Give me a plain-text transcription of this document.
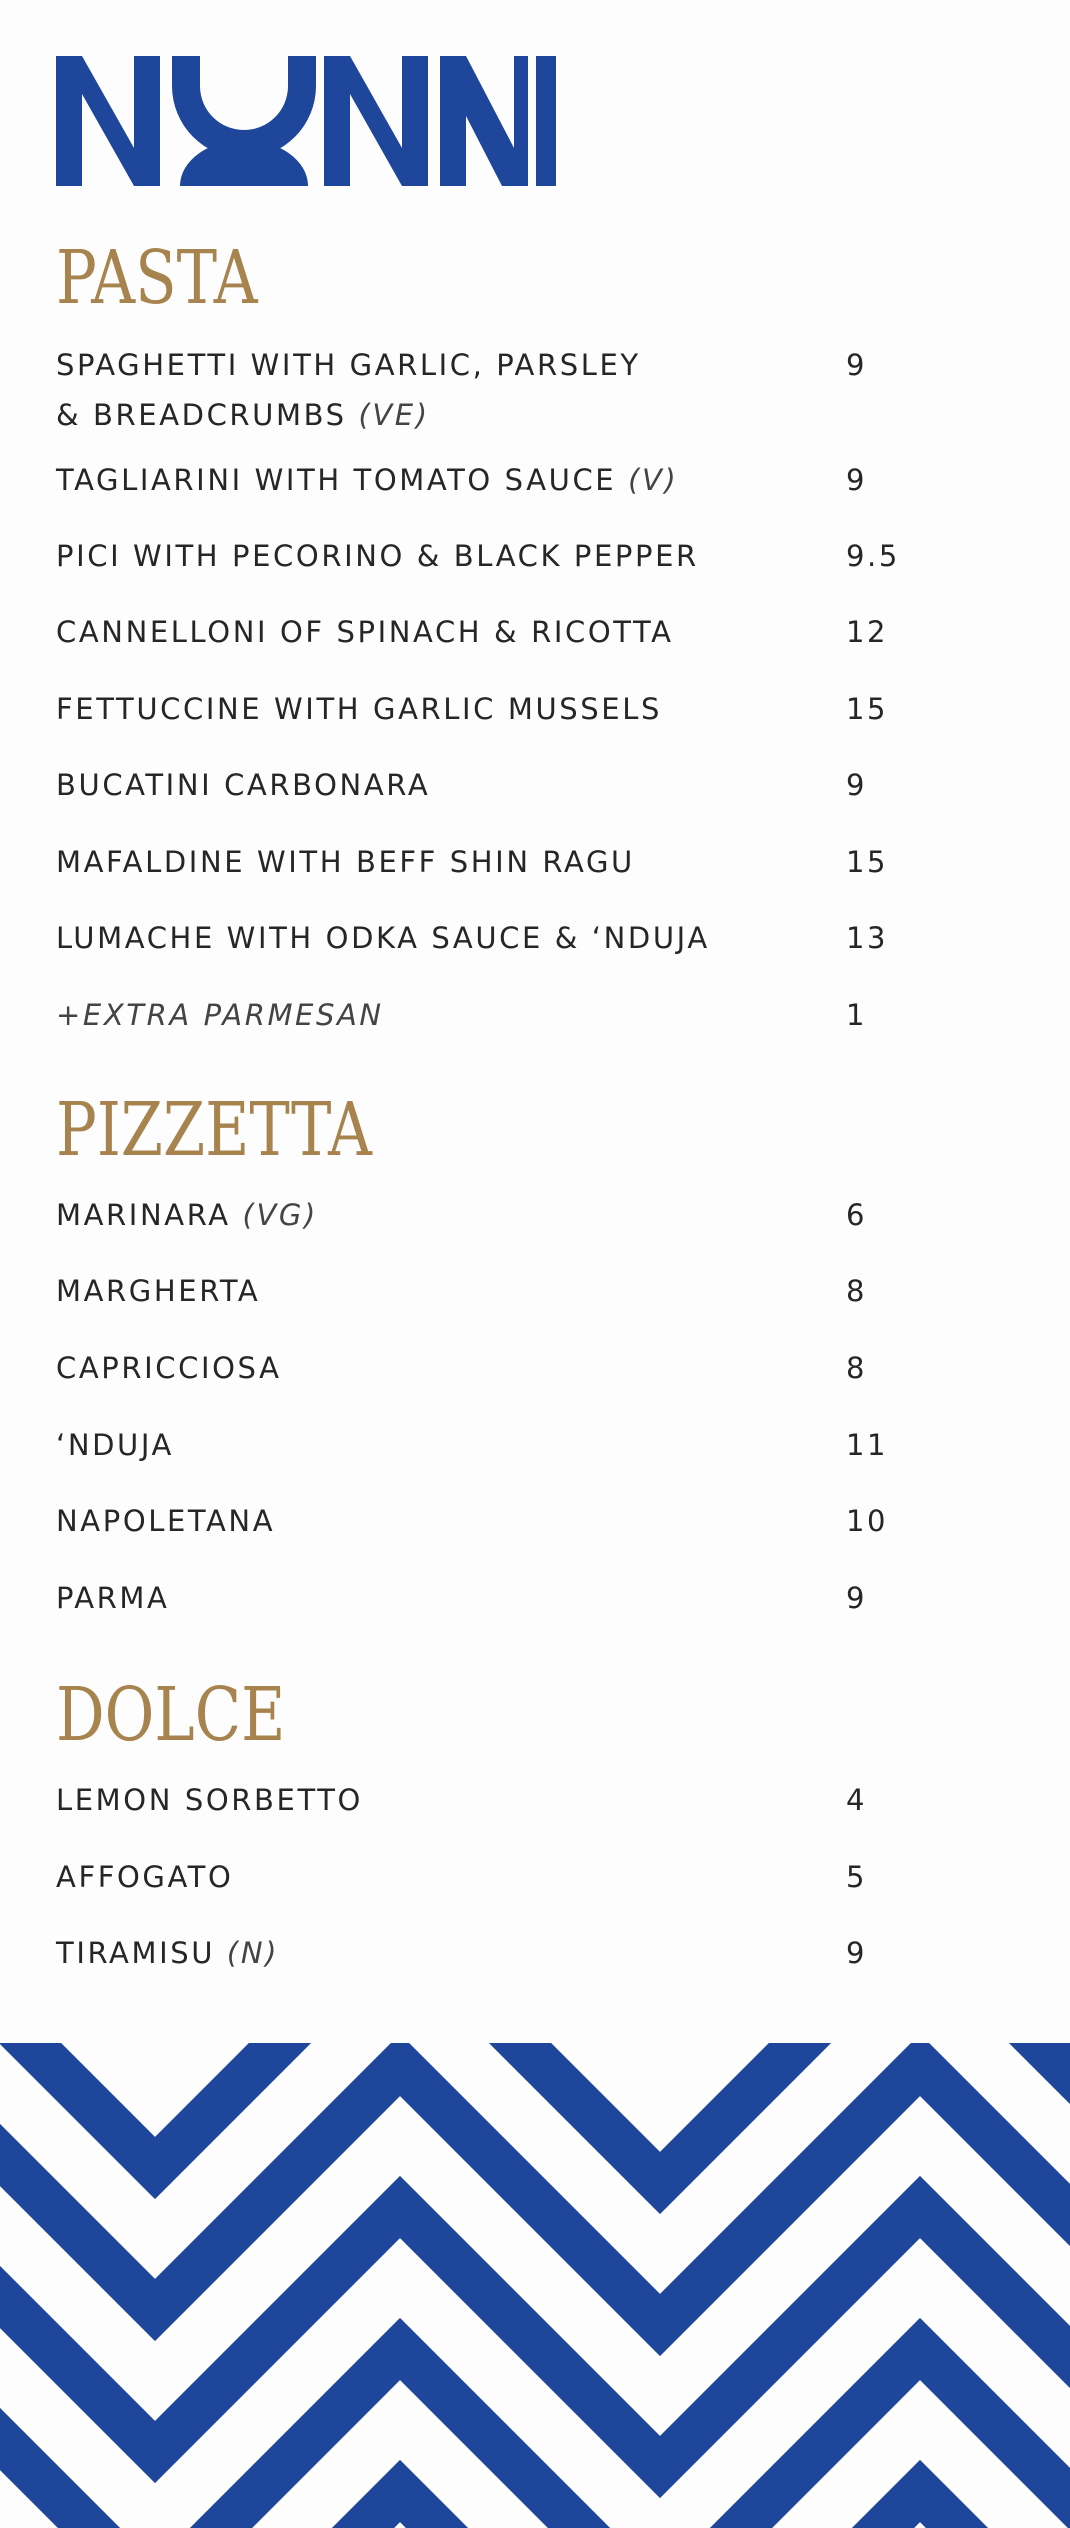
PASTA
SPAGHETTI WITH GARLIC, PARSLEY
& BREADCRUMBS (VE)
9
TAGLIARINI WITH TOMATO SAUCE (V)	9
PICI WITH PECORINO & BLACK PEPPER	9.5
CANNELLONI OF SPINACH & RICOTTA	12
FETTUCCINE WITH GARLIC MUSSELS	15
BUCATINI CARBONARA	9
MAFALDINE WITH BEFF SHIN RAGU	15
LUMACHE WITH ODKA SAUCE & ‘NDUJA	13
+EXTRA PARMESAN	1
PIZZETTA
MARINARA (VG)	6
MARGHERTA	8
CAPRICCIOSA	8
‘NDUJA	11
NAPOLETANA	10
PARMA	9
DOLCE
LEMON SORBETTO	4
AFFOGATO	5
TIRAMISU (N)	9
